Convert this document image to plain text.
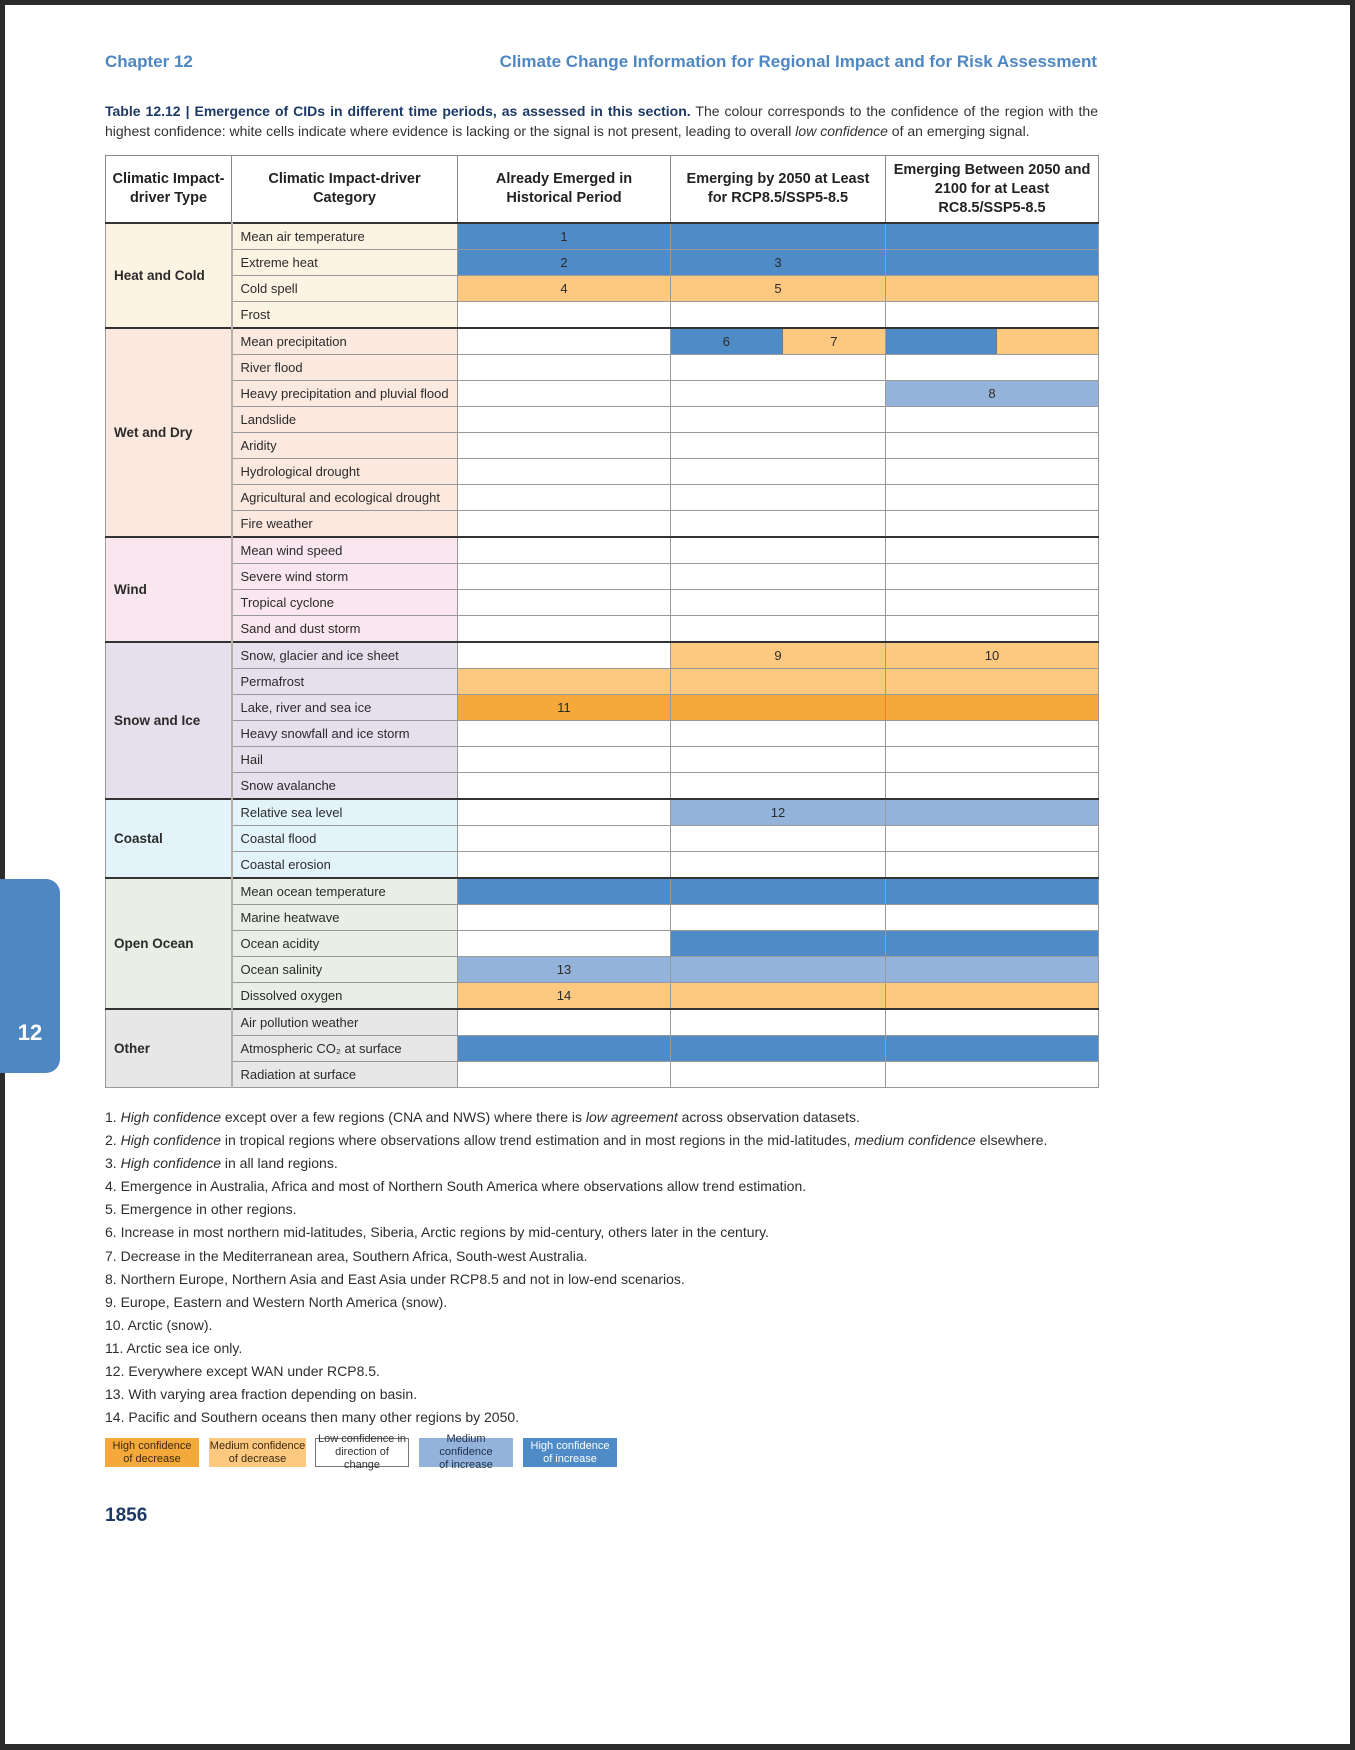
Chapter 12	Climate Change Information for Regional Impact and for Risk Assessment
Table 12.12 | Emergence of CIDs in different time periods, as assessed in this section. The colour corresponds to the confidence of the region with the highest confidence: white cells indicate where evidence is lacking or the signal is not present, leading to overall low confidence of an emerging signal.
Climatic Impact-driver Type	Climatic Impact-driver Category	Already Emerged in Historical Period	Emerging by 2050 at Least for RCP8.5/SSP5-8.5	Emerging Between 2050 and 2100 for at Least RC8.5/SSP5-8.5
Heat and Cold	Mean air temperature	1		
	Extreme heat	2	3	
	Cold spell	4	5	
	Frost			
Wet and Dry	Mean precipitation		6 7	

	River flood			
	Heavy precipitation and pluvial flood			8
	Landslide			
	Aridity			
	Hydrological drought			
	Agricultural and ecological drought			
	Fire weather			
Wind	Mean wind speed			
	Severe wind storm			
	Tropical cyclone			
	Sand and dust storm			
Snow and Ice	Snow, glacier and ice sheet		9	10
	Permafrost			
	Lake, river and sea ice	11		
	Heavy snowfall and ice storm			
	Hail			
	Snow avalanche			
Coastal	Relative sea level		12	
	Coastal flood			
	Coastal erosion			
Open Ocean	Mean ocean temperature			
	Marine heatwave			
	Ocean acidity			
	Ocean salinity	13		
	Dissolved oxygen	14		
Other	Air pollution weather			
	Atmospheric CO₂ at surface			
	Radiation at surface			
1. High confidence except over a few regions (CNA and NWS) where there is low agreement across observation datasets.
2. High confidence in tropical regions where observations allow trend estimation and in most regions in the mid-latitudes, medium confidence elsewhere.
3. High confidence in all land regions.
4. Emergence in Australia, Africa and most of Northern South America where observations allow trend estimation.
5. Emergence in other regions.
6. Increase in most northern mid-latitudes, Siberia, Arctic regions by mid-century, others later in the century.
7. Decrease in the Mediterranean area, Southern Africa, South-west Australia.
8. Northern Europe, Northern Asia and East Asia under RCP8.5 and not in low-end scenarios.
9. Europe, Eastern and Western North America (snow).
10. Arctic (snow).
11. Arctic sea ice only.
12. Everywhere except WAN under RCP8.5.
13. With varying area fraction depending on basin.
14. Pacific and Southern oceans then many other regions by 2050.
High confidence
of decrease
Medium confidence
of decrease
Low confidence in
direction of change
Medium confidence
of increase
High confidence
of increase
1856
12
